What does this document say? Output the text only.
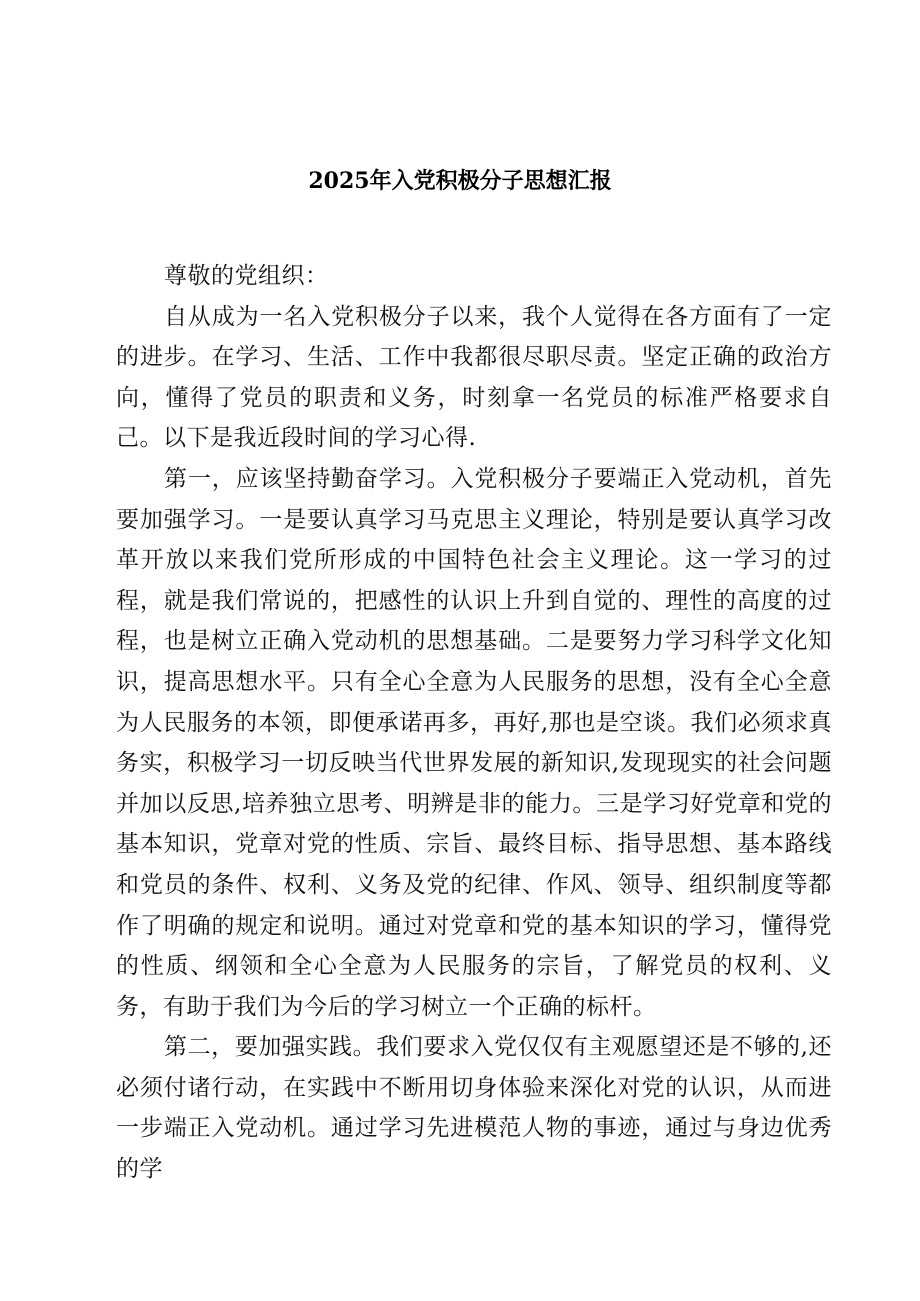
2025年入党积极分子思想汇报

尊敬的党组织：

自从成为一名入党积极分子以来，我个人觉得在各方面有了一定的进步。在学习、生活、工作中我都很尽职尽责。坚定正确的政治方向，懂得了党员的职责和义务，时刻拿一名党员的标准严格要求自己。以下是我近段时间的学习心得.

第一，应该坚持勤奋学习。入党积极分子要端正入党动机，首先要加强学习。一是要认真学习马克思主义理论，特别是要认真学习改革开放以来我们党所形成的中国特色社会主义理论。这一学习的过程，就是我们常说的，把感性的认识上升到自觉的、理性的高度的过程，也是树立正确入党动机的思想基础。二是要努力学习科学文化知识，提高思想水平。只有全心全意为人民服务的思想，没有全心全意为人民服务的本领，即便承诺再多，再好,那也是空谈。我们必须求真务实，积极学习一切反映当代世界发展的新知识,发现现实的社会问题并加以反思,培养独立思考、明辨是非的能力。三是学习好党章和党的基本知识，党章对党的性质、宗旨、最终目标、指导思想、基本路线和党员的条件、权利、义务及党的纪律、作风、领导、组织制度等都作了明确的规定和说明。通过对党章和党的基本知识的学习，懂得党的性质、纲领和全心全意为人民服务的宗旨，了解党员的权利、义务，有助于我们为今后的学习树立一个正确的标杆。

第二，要加强实践。我们要求入党仅仅有主观愿望还是不够的,还必须付诸行动，在实践中不断用切身体验来深化对党的认识，从而进一步端正入党动机。通过学习先进模范人物的事迹，通过与身边优秀的学
